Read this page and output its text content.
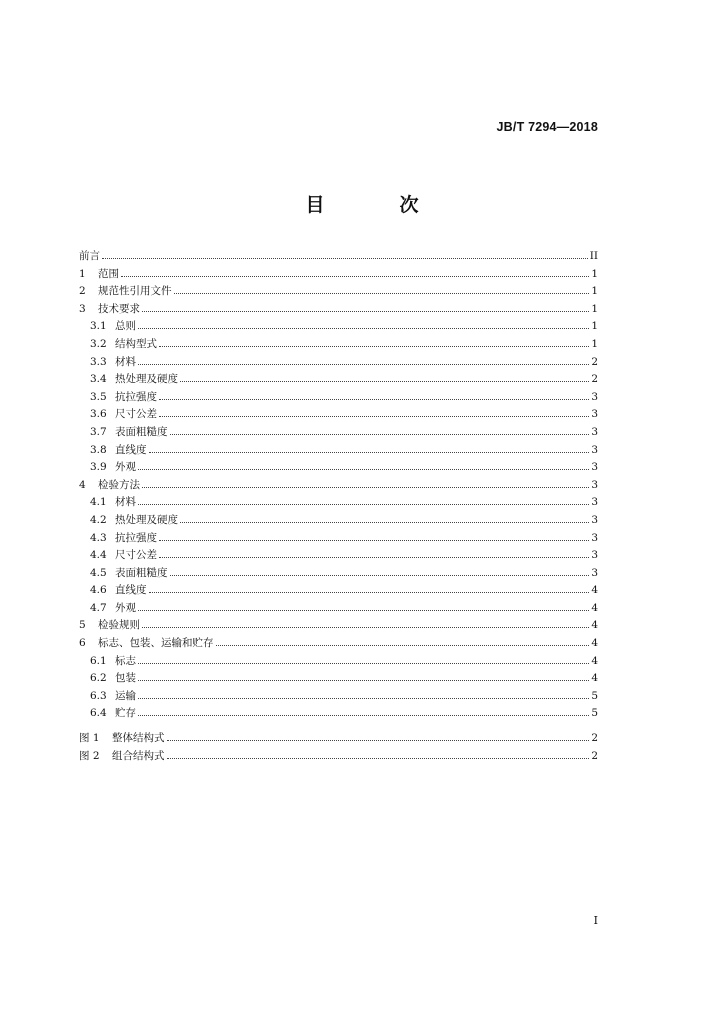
JB/T 7294—2018
目　次
前言	II
1	范围	1
2	规范性引用文件	1
3	技术要求	1
3.1 总则	1
3.2 结构型式	1
3.3 材料	2
3.4 热处理及硬度	2
3.5 抗拉强度	3
3.6 尺寸公差	3
3.7 表面粗糙度	3
3.8 直线度	3
3.9 外观	3
4	检验方法	3
4.1 材料	3
4.2 热处理及硬度	3
4.3 抗拉强度	3
4.4 尺寸公差	3
4.5 表面粗糙度	3
4.6 直线度	4
4.7 外观	4
5	检验规则	4
6	标志、包装、运输和贮存	4
6.1 标志	4
6.2 包装	4
6.3 运输	5
6.4 贮存	5
图 1	整体结构式	2
图 2	组合结构式	2
I
